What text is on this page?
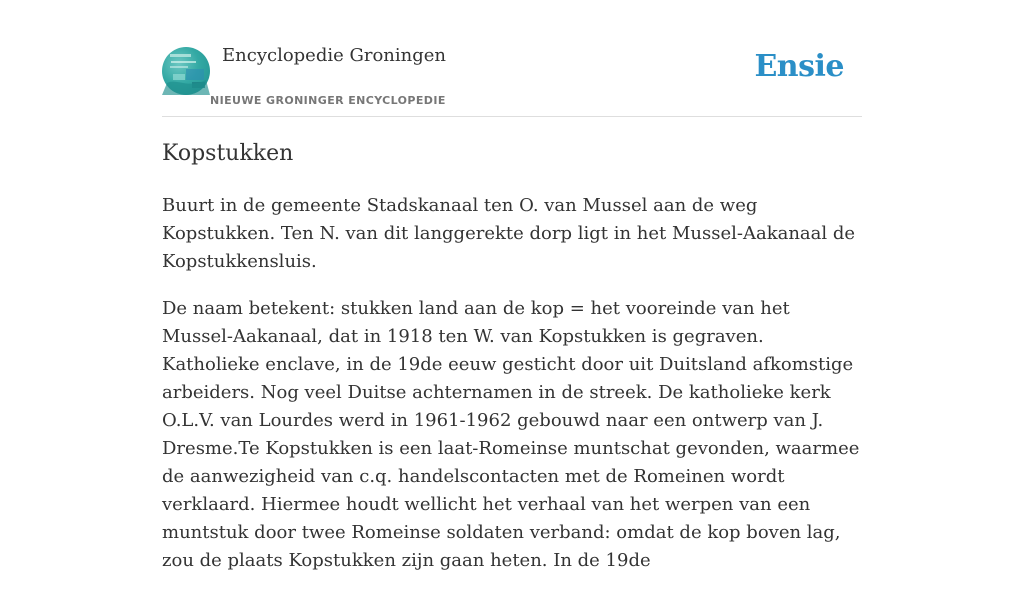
Encyclopedie Groningen
NIEUWE GRONINGER ENCYCLOPEDIE
Ensie
Kopstukken

Buurt in de gemeente Stadskanaal ten O. van Mussel aan de weg Kopstukken. Ten N. van dit langgerekte dorp ligt in het Mussel-Aakanaal de Kopstukkensluis.

De naam betekent: stukken land aan de kop = het vooreinde van het Mussel-Aakanaal, dat in 1918 ten W. van Kopstukken is gegraven. Katholieke enclave, in de 19de eeuw gesticht door uit Duitsland afkomstige arbeiders. Nog veel Duitse achternamen in de streek. De katholieke kerk O.L.V. van Lourdes werd in 1961-1962 gebouwd naar een ontwerp van J. Dresme.Te Kopstukken is een laat-Romeinse muntschat gevonden, waarmee de aanwezigheid van c.q. handelscontacten met de Romeinen wordt verklaard. Hiermee houdt wellicht het verhaal van het werpen van een muntstuk door twee Romeinse soldaten verband: omdat de kop boven lag, zou de plaats Kopstukken zijn gaan heten. In de 19de
